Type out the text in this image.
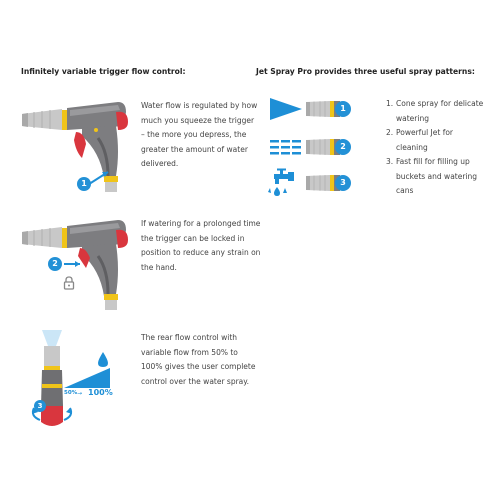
Infinitely variable trigger flow control:	Jet Spray Pro provides three useful spray patterns:
1
Water flow is regulated by how much you squeeze the trigger – the more you depress, the greater the amount of water delivered.
2
If watering for a prolonged time the trigger can be locked in position to reduce any strain on the hand.
3
50% → 100%
The rear flow control with variable flow from 50% to 100% gives the user complete control over the water spray.
1
2
3
1. Cone spray for delicate watering
2. Powerful Jet for cleaning
3. Fast fill for filling up buckets and watering cans
